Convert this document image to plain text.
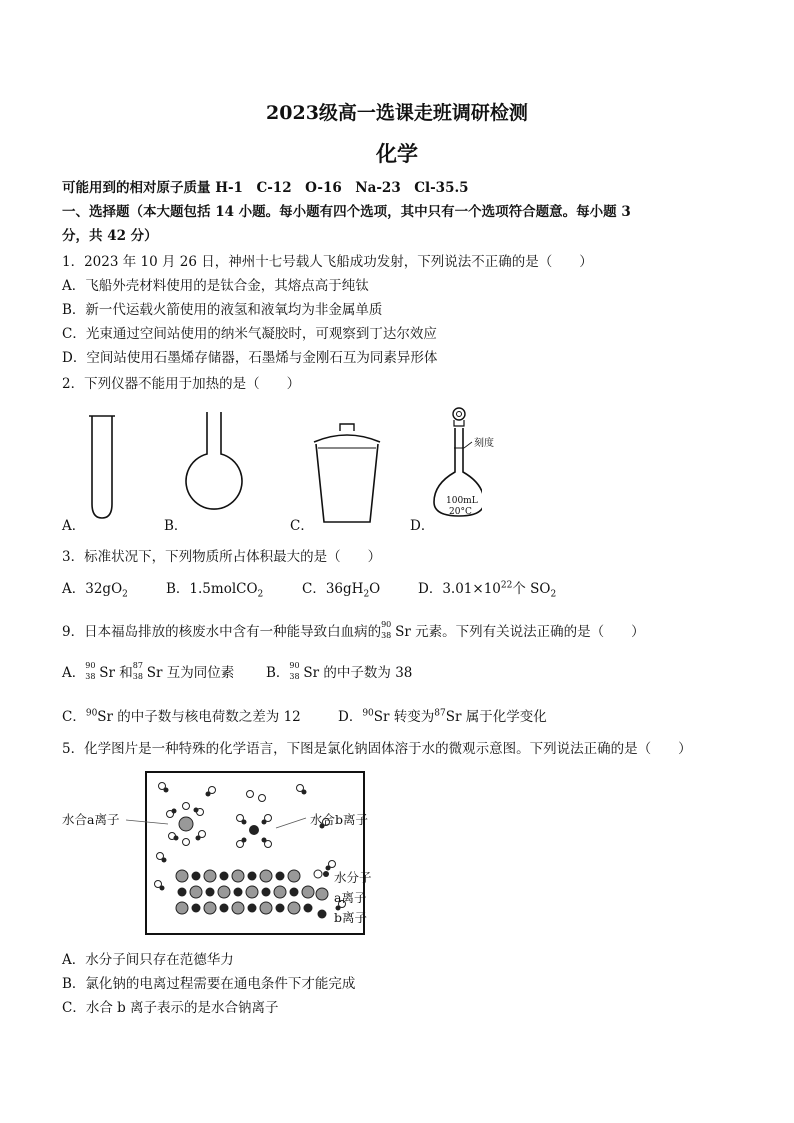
2023级高一选课走班调研检测
化学
可能用到的相对原子质量 H-1　C-12　O-16　Na-23　Cl-35.5
一、选择题（本大题包括 14 小题。每小题有四个选项，其中只有一个选项符合题意。每小题 3
分，共 42 分）
1．2023 年 10 月 26 日，神州十七号载人飞船成功发射，下列说法不正确的是（　　）
A．飞船外壳材料使用的是钛合金，其熔点高于纯钛
B．新一代运载火箭使用的液氢和液氧均为非金属单质
C．光束通过空间站使用的纳米气凝胶时，可观察到丁达尔效应
D．空间站使用石墨烯存储器，石墨烯与金刚石互为同素异形体
2．下列仪器不能用于加热的是（　　）
刻度
100mL
20°C
A．	B．	C．	D．
3．标准状况下，下列物质所占体积最大的是（　　）
A．$32gO_2$	B．1.5molCO$_2$	C．$36gH_2O$	D．$3.01\times 10^{22}$个 $SO_2$
9．日本福岛排放的核废水中含有一种能导致白血病的 90
38 Sr 元素。下列有关说法正确的是（　　）
A． 90
38 Sr 和 87
38 Sr 互为同位素 B． 90
38 Sr 的中子数为 38
C．$^{90}$Sr 的中子数与核电荷数之差为 12	D．$^{90}$Sr 转变为$^{87}$Sr 属于化学变化
5．化学图片是一种特殊的化学语言，下图是氯化钠固体溶于水的微观示意图。下列说法正确的是（　　）
水合a离子	水合b离子
水分子
a离子
b离子
A．水分子间只存在范德华力
B．氯化钠的电离过程需要在通电条件下才能完成
C．水合 b 离子表示的是水合钠离子
